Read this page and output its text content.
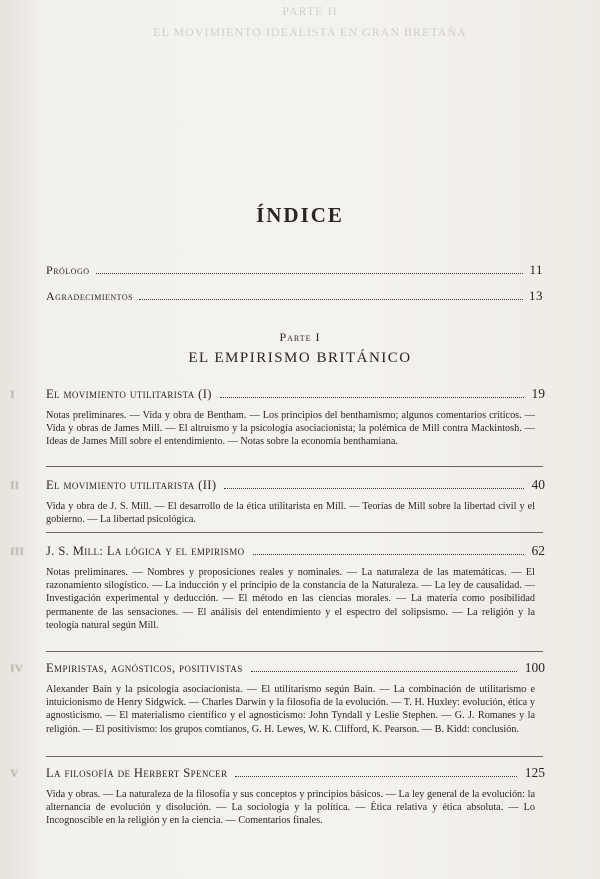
PARTE II
EL MOVIMIENTO IDEALISTA EN GRAN BRETAÑA
ÍNDICE
Prólogo	11
Agradecimientos	13
Parte I
EL EMPIRISMO BRITÁNICO
I	El movimiento utilitarista (I)	19
Notas preliminares. — Vida y obra de Bentham. — Los principios del benthamismo; algunos comentarios críticos. — Vida y obras de James Mill. — El altruismo y la psicología asociacionista; la polémica de Mill contra Mackintosh. — Ideas de James Mill sobre el entendimiento. — Notas sobre la economía benthamiana.
II	El movimiento utilitarista (II)	40
Vida y obra de J. S. Mill. — El desarrollo de la ética utilitarista en Mill. — Teorías de Mill sobre la libertad civil y el gobierno. — La libertad psicológica.
III	J. S. Mill: La lógica y el empirismo	62
Notas preliminares. — Nombres y proposiciones reales y nominales. — La naturaleza de las matemáticas. — El razonamiento silogístico. — La inducción y el principio de la constancia de la Naturaleza. — La ley de causalidad. — Investigación experimental y deducción. — El método en las ciencias morales. — La materia como posibilidad permanente de las sensaciones. — El análisis del entendimiento y el espectro del solipsismo. — La religión y la teología natural según Mill.
IV	Empiristas, agnósticos, positivistas	100
Alexander Bain y la psicología asociacionista. — El utilitarismo según Bain. — La combinación de utilitarismo e intuicionismo de Henry Sidgwick. — Charles Darwin y la filosofía de la evolución. — T. H. Huxley: evolución, ética y agnosticismo. — El materialismo científico y el agnosticismo: John Tyndall y Leslie Stephen. — G. J. Romanes y la religión. — El positivismo: los grupos comtianos, G. H. Lewes, W. K. Clifford, K. Pearson. — B. Kidd: conclusión.
V	La filosofía de Herbert Spencer	125
Vida y obras. — La naturaleza de la filosofía y sus conceptos y principios básicos. — La ley general de la evolución: la alternancia de evolución y disolución. — La sociología y la política. — Ética relativa y ética absoluta. — Lo Incognoscible en la religión y en la ciencia. — Comentarios finales.
